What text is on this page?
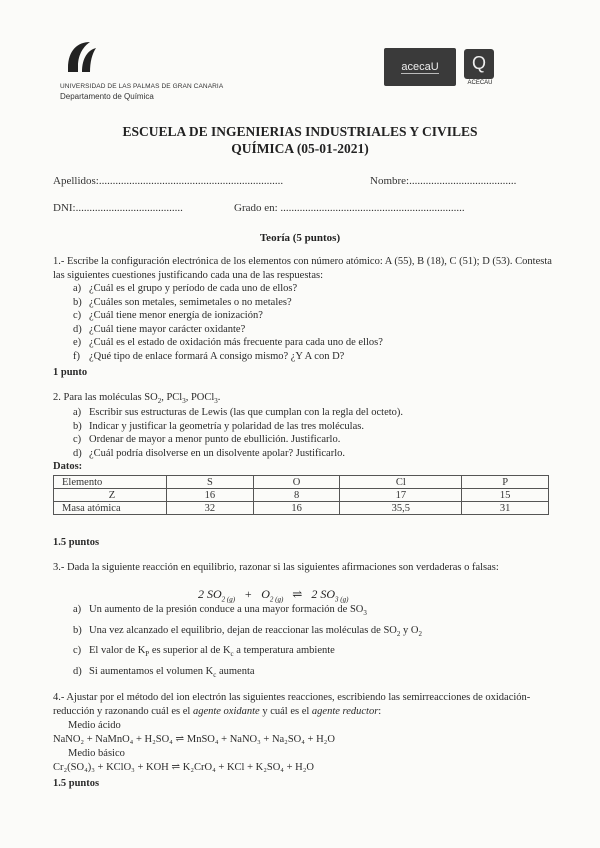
UNIVERSIDAD DE LAS PALMAS DE GRAN CANARIA
Departamento de Química
acecaU	Q
ACECAU
ESCUELA DE INGENIERIAS INDUSTRIALES Y CIVILES
QUÍMICA (05-01-2021)
Apellidos:...................................................................	Nombre:.......................................
DNI:.......................................	Grado en: ...................................................................
Teoría (5 puntos)
1.- Escribe la configuración electrónica de los elementos con número atómico: A (55), B (18), C (51); D (53). Contesta las siguientes cuestiones justificando cada una de las respuestas:
a) ¿Cuál es el grupo y período de cada uno de ellos?
b) ¿Cuáles son metales, semimetales o no metales?
c) ¿Cuál tiene menor energía de ionización?
d) ¿Cuál tiene mayor carácter oxidante?
e) ¿Cuál es el estado de oxidación más frecuente para cada uno de ellos?
f) ¿Qué tipo de enlace formará A consigo mismo? ¿Y A con D?
1 punto
2. Para las moléculas $SO_2$, PCl$_3$, POCl$_3$.
a) Escribir sus estructuras de Lewis (las que cumplan con la regla del octeto).
b) Indicar y justificar la geometría y polaridad de las tres moléculas.
c) Ordenar de mayor a menor punto de ebullición. Justificarlo.
d) ¿Cuál podría disolverse en un disolvente apolar? Justificarlo.
Datos:
Elemento	S	O	Cl	P
Z	16	8	17	15
Masa atómica	32	16	35,5	31
1.5 puntos
3.- Dada la siguiente reacción en equilibrio, razonar si las siguientes afirmaciones son verdaderas o falsas:
2 $SO_{2 (g)} + O_{2 (g)}$ ⇌ 2 $SO_{3 (g)}$
a) Un aumento de la presión conduce a una mayor formación de $SO_3$
b) Una vez alcanzado el equilibrio, dejan de reaccionar las moléculas de $SO_2$ y $O_2$
c) El valor de $K_P$ es superior al de $K_c$ a temperatura ambiente
d) Si aumentamos el volumen $K_c$ aumenta
4.- Ajustar por el método del ion electrón las siguientes reacciones, escribiendo las semirreacciones de oxidación-reducción y razonando cuál es el agente oxidante y cuál es el agente reductor:
Medio ácido
NaNO₂ + NaMnO₄ + H₂SO₄ ⇌ MnSO₄ + NaNO₃ + Na₂SO₄ + H₂O
Medio básico
Cr₂(SO₄)₃ + KClO₃ + KOH ⇌ K₂CrO₄ + KCl + K₂SO₄ + H₂O
1.5 puntos
